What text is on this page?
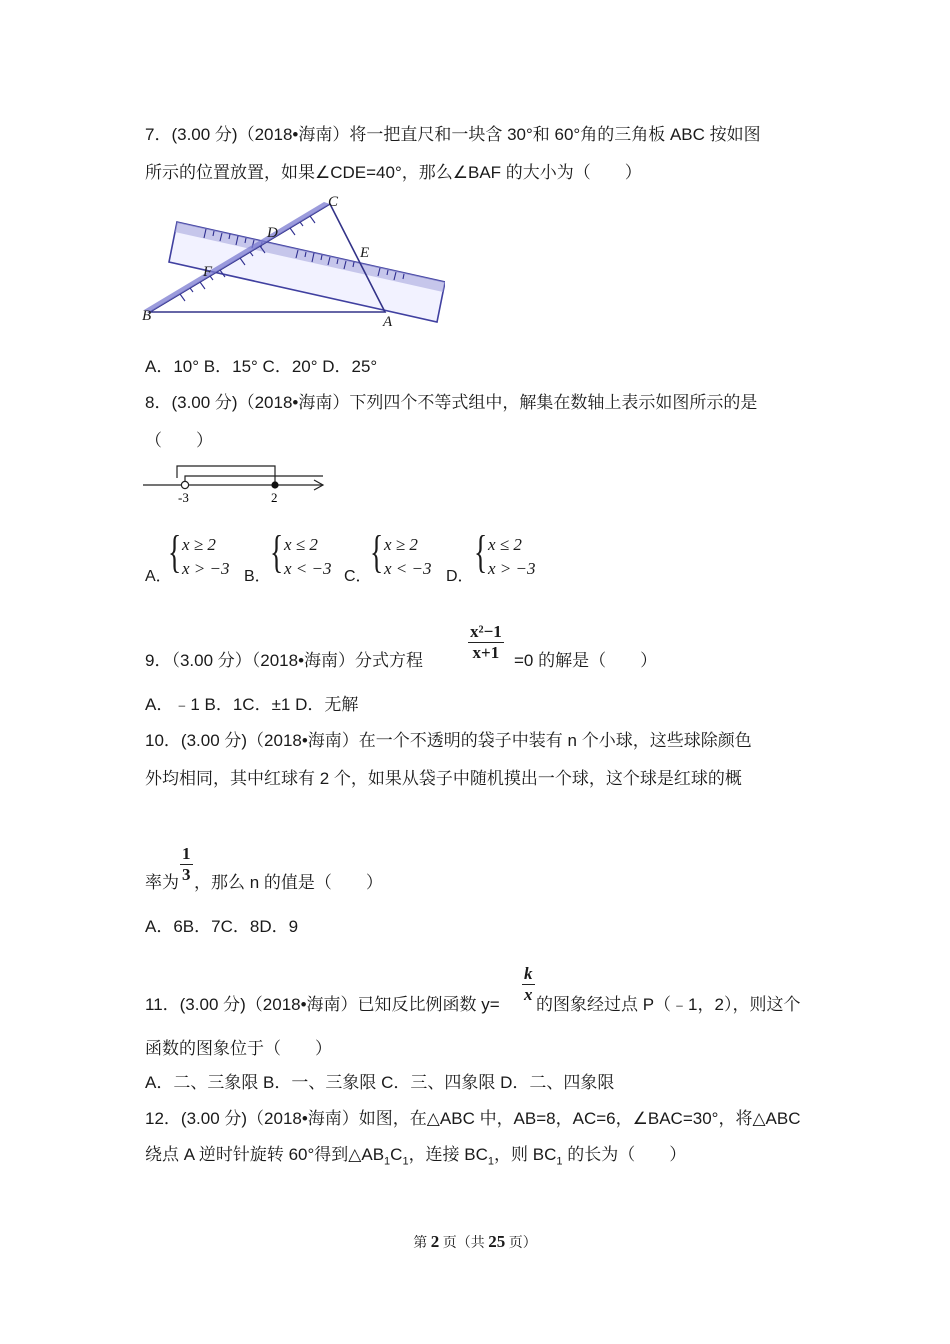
7．(3.00 分)（2018•海南）将一把直尺和一块含 30°和 60°角的三角板 ABC 按如图
所示的位置放置，如果∠CDE=40°，那么∠BAF 的大小为（　　）
C
D
E
F
B	A
A．10° B．15° C．20° D．25°
8．(3.00 分)（2018•海南）下列四个不等式组中，解集在数轴上表示如图所示的是
（　　）
-3	2
A．
{ x ≥ 2
x > −3 B． { x ≤ 2
x < −3 C．
{ x ≥ 2
x < −3 D． { x ≤ 2
x > −3
9．（3.00 分）（2018•海南）分式方程	$\frac{\text{x²−1}}{x+1} =0$ 的解是（　　）
A．﹣1 B．1C．±1 D．无解
10．(3.00 分)（2018•海南）在一个不透明的袋子中装有 n 个小球，这些球除颜色
外均相同，其中红球有 2 个，如果从袋子中随机摸出一个球，这个球是红球的概
率为 $\frac{1}{3}$ ，那么 n 的值是（　　）
A．6B．7C．8D．9
11．(3.00 分)（2018•海南）已知反比例函数 $y= \frac{k}{x}$ 的图象经过点 P（﹣1，2），则这个
函数的图象位于（　　）
A．二、三象限 B．一、三象限 C．三、四象限 D．二、四象限
12．(3.00 分)（2018•海南）如图，在△ABC 中，AB=8，AC=6，∠BAC=30°，将△ABC
绕点 A 逆时针旋转 60°得到$\triangle AB_1C_1$，连接 $BC_1$，则 $BC_1$ 的长为（　　）
第 2 页（共 25 页）
